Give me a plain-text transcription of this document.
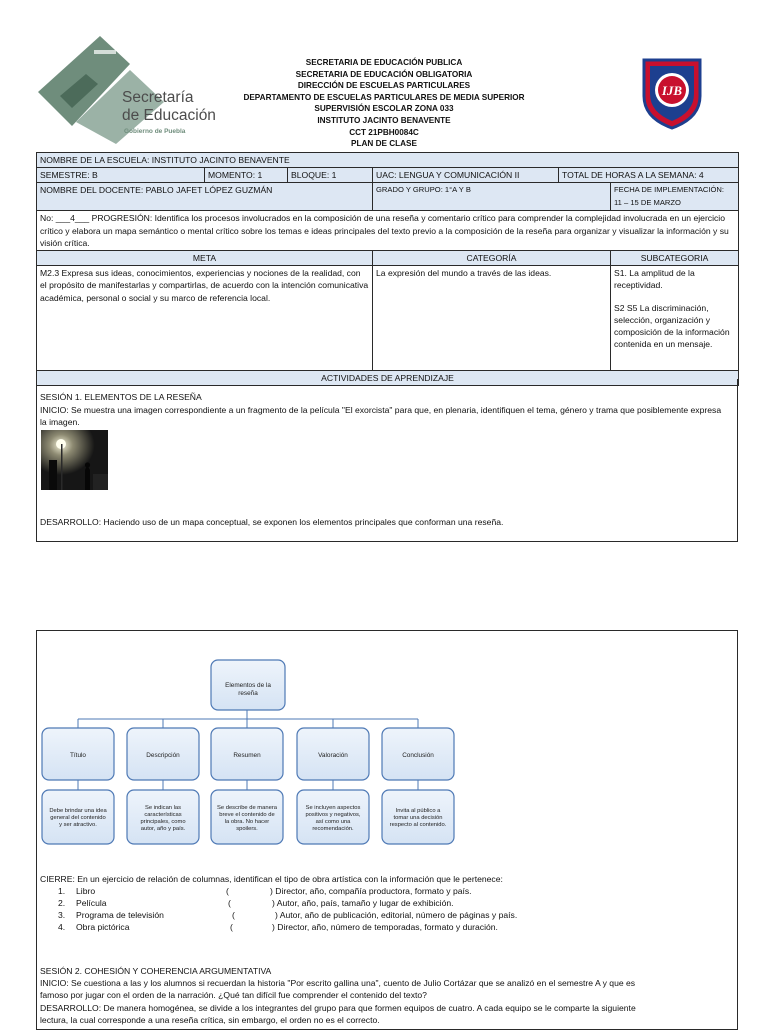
Secretaría
de Educación
Gobierno de Puebla
SECRETARIA DE EDUCACIÓN PUBLICA
SECRETARIA DE EDUCACIÓN OBLIGATORIA
DIRECCIÓN DE ESCUELAS PARTICULARES
DEPARTAMENTO DE ESCUELAS PARTICULARES DE MEDIA SUPERIOR
SUPERVISIÓN ESCOLAR ZONA 033
INSTITUTO JACINTO BENAVENTE
CCT 21PBH0084C
PLAN DE CLASE
IJB
NOMBRE DE LA ESCUELA: INSTITUTO JACINTO BENAVENTE					
SEMESTRE: B	MOMENTO: 1	BLOQUE: 1	UAC: LENGUA Y COMUNICACIÓN II	TOTAL DE HORAS A LA SEMANA: 4	
NOMBRE DEL DOCENTE: PABLO JAFET LÓPEZ GUZMÁN			GRADO Y GRUPO: 1°A Y B		FECHA DE IMPLEMENTACIÓN:
11 – 15 DE MARZO

No: ___4___ PROGRESIÓN: Identifica los procesos involucrados en la composición de una reseña y comentario crítico para comprender la complejidad involucrada en un ejercicio crítico y elabora un mapa semántico o mental crítico sobre los temas e ideas principales del texto previo a la composición de la reseña para organizar y visualizar la información y su visión crítica.					
META			CATEGORÍA		SUBCATEGORIA
M2.3 Expresa sus ideas, conocimientos, experiencias y nociones de la realidad, con el propósito de manifestarlas y compartirlas, de acuerdo con la intención comunicativa académica, personal o social y su marco de referencia local.			La expresión del mundo a través de las ideas.		S1. La amplitud de la receptividad.
S2 S5 La discriminación, selección, organización y composición de la información contenida en un mensaje.

ACTIVIDADES DE APRENDIZAJE					
SESIÓN 1. ELEMENTOS DE LA RESEÑA
INICIO: Se muestra una imagen correspondiente a un fragmento de la película "El exorcista" para que, en plenaria, identifiquen el tema, género y trama que posiblemente expresa la imagen.
DESARROLLO: Haciendo uso de un mapa conceptual, se exponen los elementos principales que conforman una reseña.
Elementos de la
reseña
Título
Debe brindar una idea
general del contenido
y ser atractivo.
Descripción
Se indican las
características
principales, como
autor, año y país.
Resumen
Se describe de manera
breve el contenido de
la obra. No hacer
spoilers.
Valoración
Se incluyen aspectos
positivos y negativos,
así como una
recomendación.
Conclusión
Invita al público a
tomar una decisión
respecto al contenido.
CIERRE: En un ejercicio de relación de columnas, identifican el tipo de obra artística con la información que le pertenece:
1. Libro	(	) Director, año, compañía productora, formato y país.
2. Película	(	) Autor, año, país, tamaño y lugar de exhibición.
3. Programa de televisión	(	) Autor, año de publicación, editorial, número de páginas y país.
4. Obra pictórica	(	) Director, año, número de temporadas, formato y duración.
SESIÓN 2. COHESIÓN Y COHERENCIA ARGUMENTATIVA
INICIO: Se cuestiona a las y los alumnos si recuerdan la historia "Por escrito gallina una", cuento de Julio Cortázar que se analizó en el semestre A y que es
famoso por jugar con el orden de la narración. ¿Qué tan difícil fue comprender el contenido del texto?
DESARROLLO: De manera homogénea, se divide a los integrantes del grupo para que formen equipos de cuatro. A cada equipo se le comparte la siguiente
lectura, la cual corresponde a una reseña crítica, sin embargo, el orden no es el correcto.
